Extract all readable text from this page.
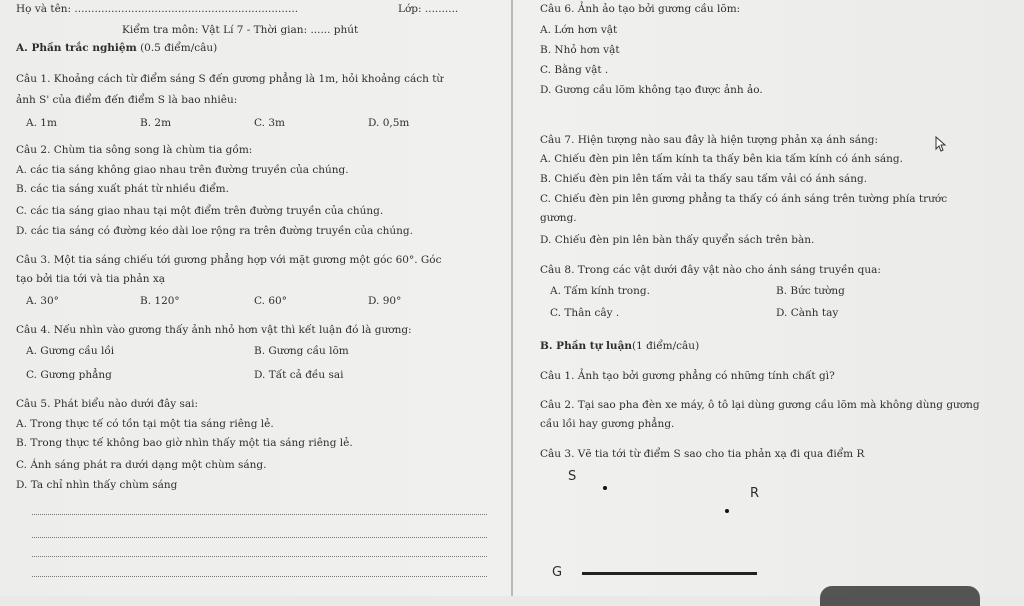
Họ và tên: ...................................................................	Lớp: ..........
Kiểm tra môn: Vật Lí 7 - Thời gian: ...... phút
A. Phần trắc nghiệm (0.5 điểm/câu)
Câu 1. Khoảng cách từ điểm sáng S đến gương phẳng là 1m, hỏi khoảng cách từ
ảnh S' của điểm đến điểm S là bao nhiêu:
A. 1m	B. 2m	C. 3m	D. 0,5m
Câu 2. Chùm tia sông song là chùm tia gồm:
A. các tia sáng không giao nhau trên đường truyền của chúng.
B. các tia sáng xuất phát từ nhiều điểm.
C. các tia sáng giao nhau tại một điểm trên đường truyền của chúng.
D. các tia sáng có đường kéo dài loe rộng ra trên đường truyền của chúng.
Câu 3. Một tia sáng chiếu tới gương phẳng hợp với mặt gương một góc 60°. Góc
tạo bởi tia tới và tia phản xạ
A. 30°	B. 120°	C. 60°	D. 90°
Câu 4. Nếu nhìn vào gương thấy ảnh nhỏ hơn vật thì kết luận đó là gương:
A. Gương cầu lồi	B. Gương cầu lõm
C. Gương phẳng	D. Tất cả đều sai
Câu 5. Phát biểu nào dưới đây sai:
A. Trong thực tế có tồn tại một tia sáng riêng lẻ.
B. Trong thực tế không bao giờ nhìn thấy một tia sáng riêng lẻ.
C. Ánh sáng phát ra dưới dạng một chùm sáng.
D. Ta chỉ nhìn thấy chùm sáng
Câu 6. Ảnh ảo tạo bởi gương cầu lõm:
A. Lớn hơn vật
B. Nhỏ hơn vật
C. Bằng vật .
D. Gương cầu lõm không tạo được ảnh ảo.
Câu 7. Hiện tượng nào sau đây là hiện tượng phản xạ ánh sáng:
A. Chiếu đèn pin lên tấm kính ta thấy bên kia tấm kính có ánh sáng.
B. Chiếu đèn pin lên tấm vải ta thấy sau tấm vải có ánh sáng.
C. Chiếu đèn pin lên gương phẳng ta thấy có ánh sáng trên tường phía trước
gương.
D. Chiếu đèn pin lên bàn thấy quyển sách trên bàn.
Câu 8. Trong các vật dưới đây vật nào cho ánh sáng truyền qua:
A. Tấm kính trong.	B. Bức tường
C. Thân cây .	D. Cành tay
B. Phần tự luận(1 điểm/câu)
Câu 1. Ảnh tạo bởi gương phẳng có những tính chất gì?
Câu 2. Tại sao pha đèn xe máy, ô tô lại dùng gương cầu lõm mà không dùng gương
cầu lồi hay gương phẳng.
Câu 3. Vẽ tia tới từ điểm S sao cho tia phản xạ đi qua điểm R
S
R
G
